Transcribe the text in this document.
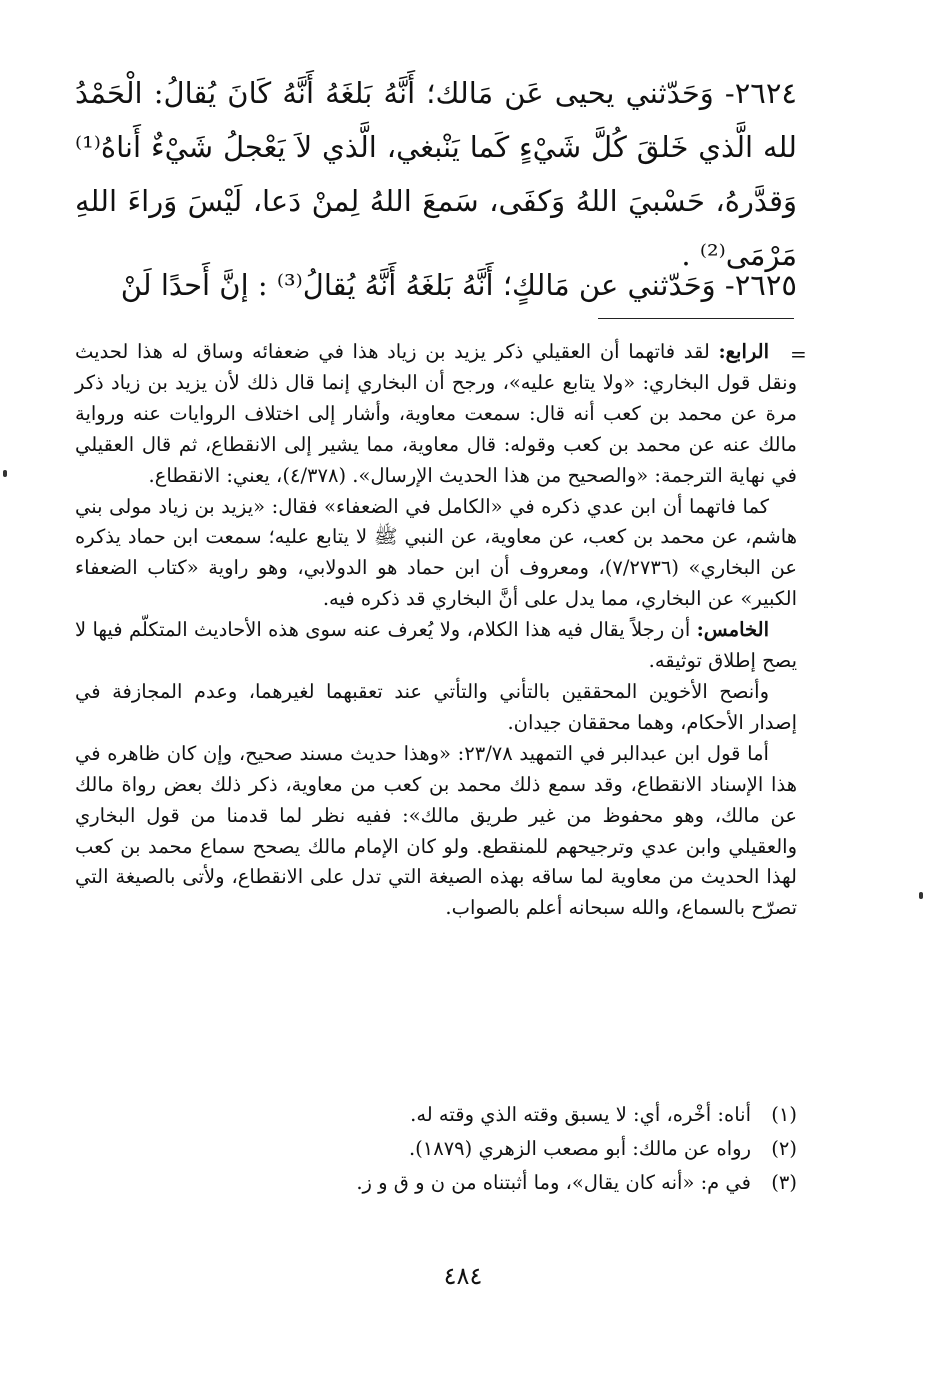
٢٦٢٤- وَحَدّثني يحيى عَن مَالك؛ أَنَّهُ بَلغَهُ أَنَّهُ كَانَ يُقالُ: الْحَمْدُ لله الَّذي خَلقَ كُلَّ شَيْءٍ كَما يَنْبغي، الَّذي لاَ يَعْجلُ شَيْءٌ أَناهُ⁽¹⁾ وَقدَّرهُ، حَسْبيَ اللهُ وَكفَى، سَمعَ اللهُ لِمنْ دَعا، لَيْسَ وَراءَ اللهِ مَرْمَى⁽²⁾ .
٢٦٢٥- وَحَدّثني عن مَالكٍ؛ أَنَّهُ بَلغَهُ أَنَّهُ يُقالُ⁽³⁾ : إنَّ أَحدًا لَنْ
=

الرابع: لقد فاتهما أن العقيلي ذكر يزيد بن زياد هذا في ضعفائه وساق له هذا لحديث ونقل قول البخاري: «ولا يتابع عليه»، ورجح أن البخاري إنما قال ذلك لأن يزيد بن زياد ذكر مرة عن محمد بن كعب أنه قال: سمعت معاوية، وأشار إلى اختلاف الروايات عنه ورواية مالك عنه عن محمد بن كعب وقوله: قال معاوية، مما يشير إلى الانقطاع، ثم قال العقيلي في نهاية الترجمة: «والصحيح من هذا الحديث الإرسال». (٤/٣٧٨)، يعني: الانقطاع.

كما فاتهما أن ابن عدي ذكره في «الكامل في الضعفاء» فقال: «يزيد بن زياد مولى بني هاشم، عن محمد بن كعب، عن معاوية، عن النبي ﷺ لا يتابع عليه؛ سمعت ابن حماد يذكره عن البخاري» (٧/٢٧٣٦)، ومعروف أن ابن حماد هو الدولابي، وهو راوية «كتاب الضعفاء الكبير» عن البخاري، مما يدل على أنَّ البخاري قد ذكره فيه.

الخامس: أن رجلاً يقال فيه هذا الكلام، ولا يُعرف عنه سوى هذه الأحاديث المتكلّم فيها لا يصح إطلاق توثيقه.

وأنصح الأخوين المحققين بالتأني والتأتي عند تعقبهما لغيرهما، وعدم المجازفة في إصدار الأحكام، وهما محققان جيدان.

أما قول ابن عبدالبر في التمهيد ٢٣/٧٨: «وهذا حديث مسند صحيح، وإن كان ظاهره في هذا الإسناد الانقطاع، وقد سمع ذلك محمد بن كعب من معاوية، ذكر ذلك بعض رواة مالك عن مالك، وهو محفوظ من غير طريق مالك»: ففيه نظر لما قدمنا من قول البخاري والعقيلي وابن عدي وترجيحهم للمنقطع. ولو كان الإمام مالك يصحح سماع محمد بن كعب لهذا الحديث من معاوية لما ساقه بهذه الصيغة التي تدل على الانقطاع، ولأتى بالصيغة التي تصرّح بالسماع، والله سبحانه أعلم بالصواب.

(١)
أناه: أخْره، أي: لا يسبق وقته الذي وقته له.
(٢)
رواه عن مالك: أبو مصعب الزهري (١٨٧٩).
(٣)
في م: «أنه كان يقال»، وما أثبتناه من ن و ق و ز.
٤٨٤
